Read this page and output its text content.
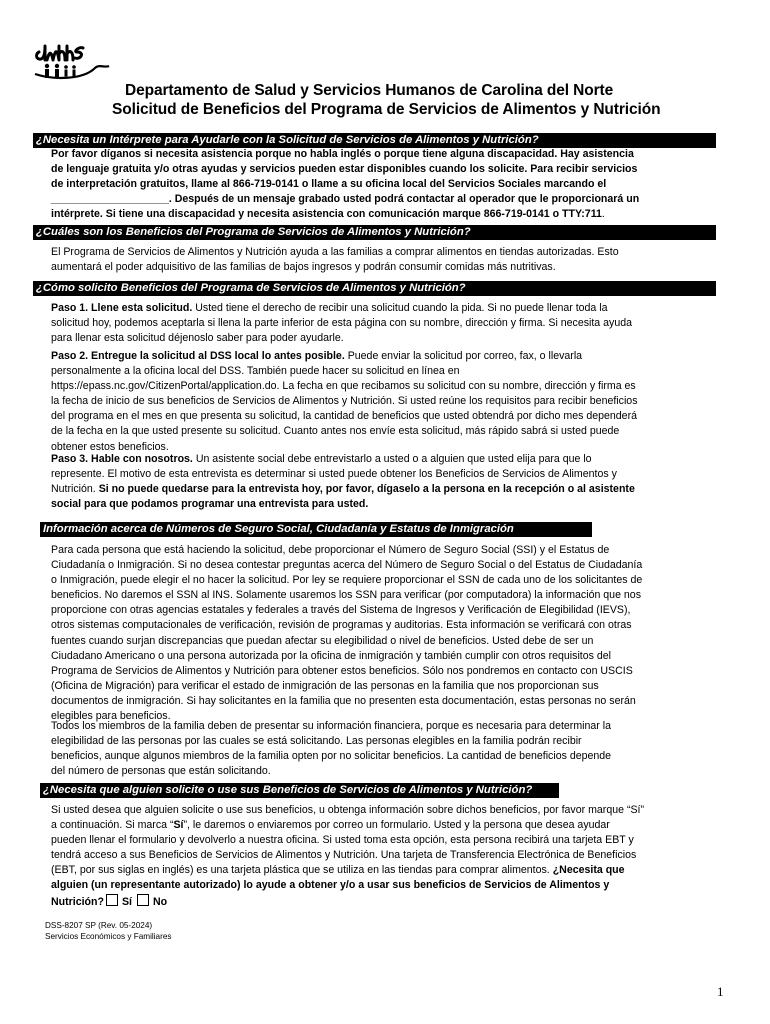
Departamento de Salud y Servicios Humanos de Carolina del Norte
Solicitud de Beneficios del Programa de Servicios de Alimentos y Nutrición
¿Necesita un Intérprete para Ayudarle con la Solicitud de Servicios de Alimentos y Nutrición?

Por favor díganos si necesita asistencia porque no habla inglés o porque tiene alguna discapacidad. Hay asistencia

de lenguaje gratuita y/o otras ayudas y servicios pueden estar disponibles cuando los solicite. Para recibir servicios

de interpretación gratuitos, llame al 866-719-0141 o llame a su oficina local del Servicios Sociales marcando el

____________________. Después de un mensaje grabado usted podrá contactar al operador que le proporcionará un

intérprete. Si tiene una discapacidad y necesita asistencia con comunicación marque 866-719-0141 o TTY:711.

¿Cuáles son los Beneficios del Programa de Servicios de Alimentos y Nutrición?

El Programa de Servicios de Alimentos y Nutrición ayuda a las familias a comprar alimentos en tiendas autorizadas. Esto

aumentará el poder adquisitivo de las familias de bajos ingresos y podrán consumir comidas más nutritivas.

¿Cómo solicito Beneficios del Programa de Servicios de Alimentos y Nutrición?

Paso 1. Llene esta solicitud. Usted tiene el derecho de recibir una solicitud cuando la pida. Si no puede llenar toda la

solicitud hoy, podemos aceptarla si llena la parte inferior de esta página con su nombre, dirección y firma. Si necesita ayuda

para llenar esta solicitud déjenoslo saber para poder ayudarle.

Paso 2. Entregue la solicitud al DSS local lo antes posible. Puede enviar la solicitud por correo, fax, o llevarla

personalmente a la oficina local del DSS. También puede hacer su solicitud en línea en

https://epass.nc.gov/CitizenPortal/application.do. La fecha en que recibamos su solicitud con su nombre, dirección y firma es

la fecha de inicio de sus beneficios de Servicios de Alimentos y Nutrición. Si usted reúne los requisitos para recibir beneficios

del programa en el mes en que presenta su solicitud, la cantidad de beneficios que usted obtendrá por dicho mes dependerá

de la fecha en la que usted presente su solicitud. Cuanto antes nos envíe esta solicitud, más rápido sabrá si usted puede

obtener estos beneficios.

Paso 3. Hable con nosotros. Un asistente social debe entrevistarlo a usted o a alguien que usted elija para que lo

represente. El motivo de esta entrevista es determinar si usted puede obtener los Beneficios de Servicios de Alimentos y

Nutrición. Si no puede quedarse para la entrevista hoy, por favor, dígaselo a la persona en la recepción o al asistente

social para que podamos programar una entrevista para usted.

Información acerca de Números de Seguro Social, Ciudadanía y Estatus de Inmigración

Para cada persona que está haciendo la solicitud, debe proporcionar el Número de Seguro Social (SSI) y el Estatus de

Ciudadanía o Inmigración. Si no desea contestar preguntas acerca del Número de Seguro Social o del Estatus de Ciudadanía

o Inmigración, puede elegir el no hacer la solicitud. Por ley se requiere proporcionar el SSN de cada uno de los solicitantes de

beneficios. No daremos el SSN al INS. Solamente usaremos los SSN para verificar (por computadora) la información que nos

proporcione con otras agencias estatales y federales a través del Sistema de Ingresos y Verificación de Elegibilidad (IEVS),

otros sistemas computacionales de verificación, revisión de programas y auditorias. Esta información se verificará con otras

fuentes cuando surjan discrepancias que puedan afectar su elegibilidad o nivel de beneficios. Usted debe de ser un

Ciudadano Americano o una persona autorizada por la oficina de inmigración y también cumplir con otros requisitos del

Programa de Servicios de Alimentos y Nutrición para obtener estos beneficios. Sólo nos pondremos en contacto con USCIS

(Oficina de Migración) para verificar el estado de inmigración de las personas en la familia que nos proporcionan sus

documentos de inmigración. Si hay solicitantes en la familia que no presenten esta documentación, estas personas no serán

elegibles para beneficios.

Todos los miembros de la familia deben de presentar su información financiera, porque es necesaria para determinar la

elegibilidad de las personas por las cuales se está solicitando. Las personas elegibles en la familia podrán recibir

beneficios, aunque algunos miembros de la familia opten por no solicitar beneficios. La cantidad de beneficios depende

del número de personas que están solicitando.

¿Necesita que alguien solicite o use sus Beneficios de Servicios de Alimentos y Nutrición?

Si usted desea que alguien solicite o use sus beneficios, u obtenga información sobre dichos beneficios, por favor marque “Sí”

a continuación. Si marca “Sí”, le daremos o enviaremos por correo un formulario. Usted y la persona que desea ayudar

pueden llenar el formulario y devolverlo a nuestra oficina. Si usted toma esta opción, esta persona recibirá una tarjeta EBT y

tendrá acceso a sus Beneficios de Servicios de Alimentos y Nutrición. Una tarjeta de Transferencia Electrónica de Beneficios

(EBT, por sus siglas en inglés) es una tarjeta plástica que se utiliza en las tiendas para comprar alimentos. ¿Necesita que

alguien (un representante autorizado) lo ayude a obtener y/o a usar sus beneficios de Servicios de Alimentos y

Nutrición? Sí No

DSS-8207 SP (Rev. 05-2024)
Servicios Económicos y Familiares
1
